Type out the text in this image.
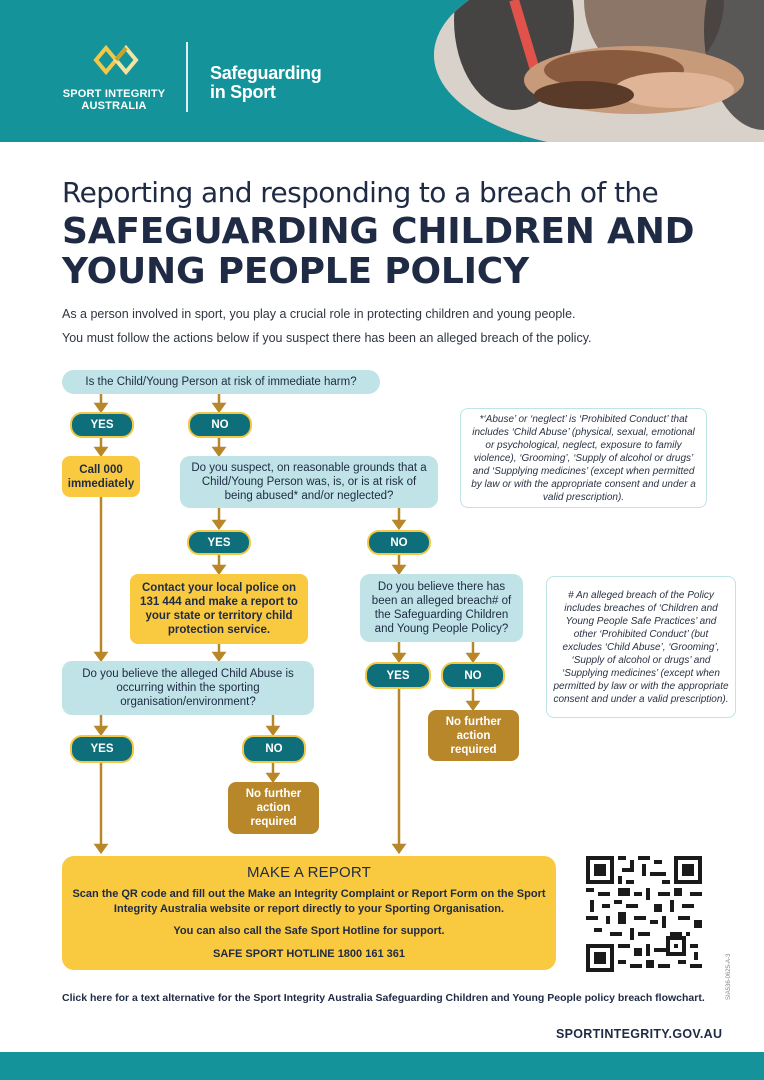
SPORT INTEGRITY AUSTRALIA
Safeguarding
in Sport
Reporting and responding to a breach of the
SAFEGUARDING CHILDREN AND
YOUNG PEOPLE POLICY
As a person involved in sport, you play a crucial role in protecting children and young people.
You must follow the actions below if you suspect there has been an alleged breach of the policy.
Is the Child/Young Person at risk of immediate harm?
YES	NO
Call 000 immediately
Do you suspect, on reasonable grounds that a Child/Young Person was, is, or is at risk of being abused* and/or neglected?
*‘Abuse’ or ‘neglect’ is ‘Prohibited Conduct’ that includes ‘Child Abuse’ (physical, sexual, emotional or psychological, neglect, exposure to family violence), ‘Grooming’, ‘Supply of alcohol or drugs’ and ‘Supplying medicines’ (except when permitted by law or with the appropriate consent and under a valid prescription).
YES	NO
Contact your local police on 131 444 and make a report to your state or territory child protection service.
Do you believe there has been an alleged breach# of the Safeguarding Children and Young People Policy?
# An alleged breach of the Policy includes breaches of ‘Children and Young People Safe Practices’ and other ‘Prohibited Conduct’ (but excludes ‘Child Abuse’, ‘Grooming’, ‘Supply of alcohol or drugs’ and ‘Supplying medicines’ (except when permitted by law or with the appropriate consent and under a valid prescription).
YES	NO
Do you believe the alleged Child Abuse is occurring within the sporting organisation/environment?
No further action required
YES	NO
No further action required
MAKE A REPORT
Scan the QR code and fill out the Make an Integrity Complaint or Report Form on the Sport Integrity Australia website or report directly to your Sporting Organisation.
You can also call the Safe Sport Hotline for support.
SAFE SPORT HOTLINE 1800 161 361
Click here for a text alternative for the Sport Integrity Australia Safeguarding Children and Young People policy breach flowchart.
SPORTINTEGRITY.GOV.AU
SIA536-0625-A-3
